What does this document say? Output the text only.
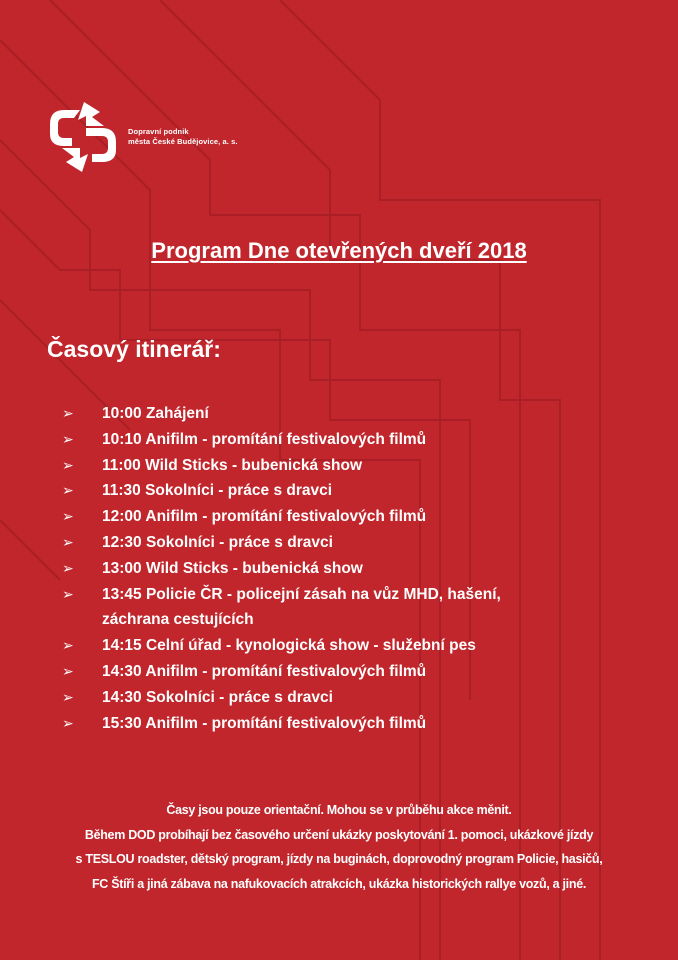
Dopravní podnik
města České Budějovice, a. s.
Program Dne otevřených dveří 2018
Časový itinerář:
➢ 10:00 Zahájení
➢ 10:10 Anifilm - promítání festivalových filmů
➢ 11:00 Wild Sticks - bubenická show
➢ 11:30 Sokolníci - práce s dravci
➢ 12:00 Anifilm - promítání festivalových filmů
➢ 12:30 Sokolníci - práce s dravci
➢ 13:00 Wild Sticks - bubenická show
➢ 13:45 Policie ČR - policejní zásah na vůz MHD, hašení,
záchrana cestujících
➢ 14:15 Celní úřad - kynologická show - služební pes
➢ 14:30 Anifilm - promítání festivalových filmů
➢ 14:30 Sokolníci - práce s dravci
➢ 15:30 Anifilm - promítání festivalových filmů
Časy jsou pouze orientační. Mohou se v průběhu akce měnit.
Během DOD probíhají bez časového určení ukázky poskytování 1. pomoci, ukázkové jízdy
s TESLOU roadster, dětský program, jízdy na buginách, doprovodný program Policie, hasičů,
FC Štíři a jiná zábava na nafukovacích atrakcích, ukázka historických rallye vozů, a jiné.
